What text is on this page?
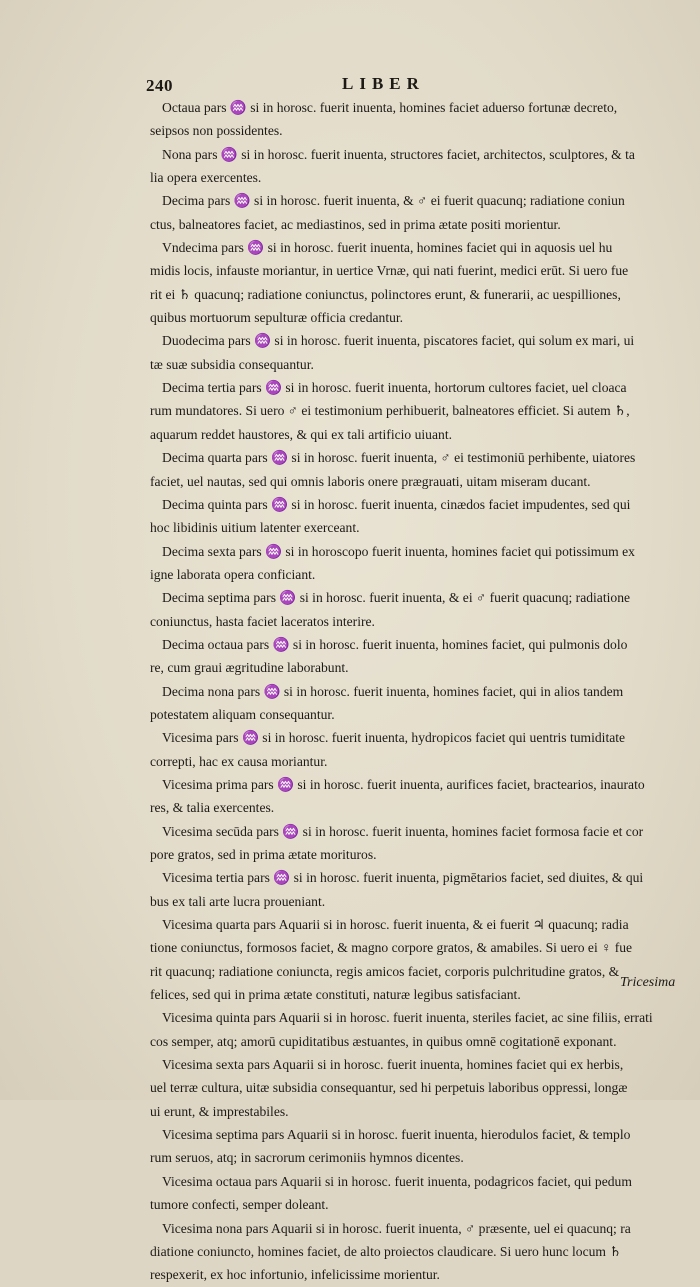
240	LIBER
Octaua pars ♒ si in horosc. fuerit inuenta, homines faciet aduerso fortunæ decreto,
seipsos non possidentes.
Nona pars ♒ si in horosc. fuerit inuenta, structores faciet, architectos, sculptores, & ta
lia opera exercentes.
Decima pars ♒ si in horosc. fuerit inuenta, & ♂ ei fuerit quacunq; radiatione coniun
ctus, balneatores faciet, ac mediastinos, sed in prima ætate positi morientur.
Vndecima pars ♒ si in horosc. fuerit inuenta, homines faciet qui in aquosis uel hu
midis locis, infauste moriantur, in uertice Vrnæ, qui nati fuerint, medici erūt. Si uero fue
rit ei ♄ quacunq; radiatione coniunctus, polinctores erunt, & funerarii, ac uespilliones,
quibus mortuorum sepulturæ officia credantur.
Duodecima pars ♒ si in horosc. fuerit inuenta, piscatores faciet, qui solum ex mari, ui
tæ suæ subsidia consequantur.
Decima tertia pars ♒ si in horosc. fuerit inuenta, hortorum cultores faciet, uel cloaca
rum mundatores. Si uero ♂ ei testimonium perhibuerit, balneatores efficiet. Si autem ♄,
aquarum reddet haustores, & qui ex tali artificio uiuant.
Decima quarta pars ♒ si in horosc. fuerit inuenta, ♂ ei testimoniū perhibente, uiatores
faciet, uel nautas, sed qui omnis laboris onere prægrauati, uitam miseram ducant.
Decima quinta pars ♒ si in horosc. fuerit inuenta, cinædos faciet impudentes, sed qui
hoc libidinis uitium latenter exerceant.
Decima sexta pars ♒ si in horoscopo fuerit inuenta, homines faciet qui potissimum ex
igne laborata opera conficiant.
Decima septima pars ♒ si in horosc. fuerit inuenta, & ei ♂ fuerit quacunq; radiatione
coniunctus, hasta faciet laceratos interire.
Decima octaua pars ♒ si in horosc. fuerit inuenta, homines faciet, qui pulmonis dolo
re, cum graui ægritudine laborabunt.
Decima nona pars ♒ si in horosc. fuerit inuenta, homines faciet, qui in alios tandem
potestatem aliquam consequantur.
Vicesima pars ♒ si in horosc. fuerit inuenta, hydropicos faciet qui uentris tumiditate
correpti, hac ex causa moriantur.
Vicesima prima pars ♒ si in horosc. fuerit inuenta, aurifices faciet, bractearios, inaurato
res, & talia exercentes.
Vicesima secūda pars ♒ si in horosc. fuerit inuenta, homines faciet formosa facie et cor
pore gratos, sed in prima ætate morituros.
Vicesima tertia pars ♒ si in horosc. fuerit inuenta, pigmētarios faciet, sed diuites, & qui
bus ex tali arte lucra proueniant.
Vicesima quarta pars Aquarii si in horosc. fuerit inuenta, & ei fuerit ♃ quacunq; radia
tione coniunctus, formosos faciet, & magno corpore gratos, & amabiles. Si uero ei ♀ fue
rit quacunq; radiatione coniuncta, regis amicos faciet, corporis pulchritudine gratos, &
felices, sed qui in prima ætate constituti, naturæ legibus satisfaciant.
Vicesima quinta pars Aquarii si in horosc. fuerit inuenta, steriles faciet, ac sine filiis, errati
cos semper, atq; amorū cupiditatibus æstuantes, in quibus omnē cogitationē exponant.
Vicesima sexta pars Aquarii si in horosc. fuerit inuenta, homines faciet qui ex herbis,
uel terræ cultura, uitæ subsidia consequantur, sed hi perpetuis laboribus oppressi, longæ
ui erunt, & imprestabiles.
Vicesima septima pars Aquarii si in horosc. fuerit inuenta, hierodulos faciet, & templo
rum seruos, atq; in sacrorum cerimoniis hymnos dicentes.
Vicesima octaua pars Aquarii si in horosc. fuerit inuenta, podagricos faciet, qui pedum
tumore confecti, semper doleant.
Vicesima nona pars Aquarii si in horosc. fuerit inuenta, ♂ præsente, uel ei quacunq; ra
diatione coniuncto, homines faciet, de alto proiectos claudicare. Si uero hunc locum ♄
respexerit, ex hoc infortunio, infelicissime morientur.
Tricesima
